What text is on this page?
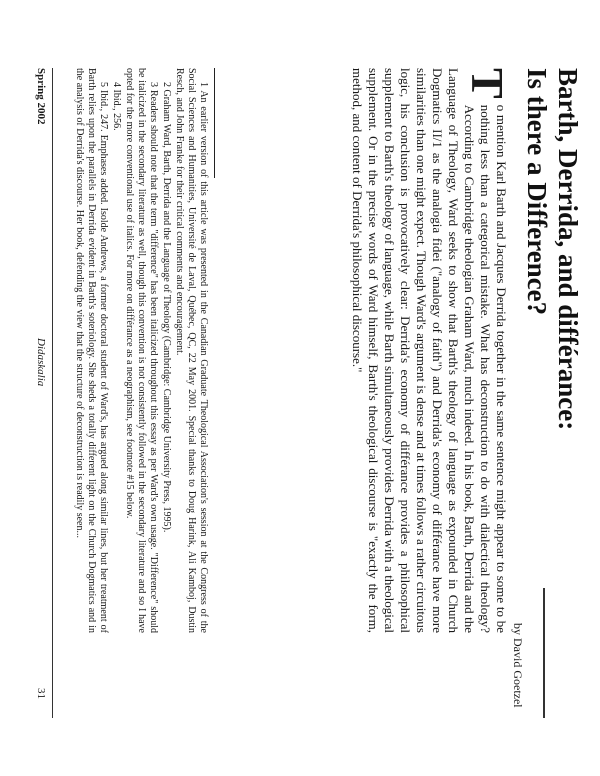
Barth, Derrida, and différance:
Is there a Difference?
by David Goetzel

T
o mention Karl Barth and Jacques Derrida together in the same sentence might appear to some to be nothing less than a categorical mistake. What has deconstruction to do with dialectical theology? According to Cambridge theologian Graham Ward, much indeed. In his book, Barth, Derrida and the Language of Theology, Ward seeks to show that Barth's theology of language as expounded in Church Dogmatics II/1 as the analogia fidei ("analogy of faith") and Derrida's economy of différance have more similarities than one might expect. Though Ward's argument is dense and at times follows a rather circuitous logic, his conclusion is provocatively clear: Derrida's economy of différance provides a philosophical supplement to Barth's theology of language, while Barth simultaneously provides Derrida with a theological supplement. Or in the precise words of Ward himself, Barth's theological discourse is "exactly the form, method, and content of Derrida's philosophical discourse."

1 An earlier version of this article was presented in the Canadian Graduate Theological Association's session at the Congress of the Social Sciences and Humanities, Université de Laval, Québec, QC, 22 May 2001. Special thanks to Doug Harink, Ali Kamboj, Dustin Resch, and John Franke for their critical comments and encouragement.

2 Graham Ward, Barth, Derrida and the Language of Theology (Cambridge: Cambridge University Press, 1995).

3 Readers should note that the term "difference" has been italicized throughout this essay as per Ward's own usage. "Difference" should be italicized in the secondary literature as well, though this convention is not consistently followed in the secondary literature and so I have opted for the more conventional use of italics. For more on différance as a neographism, see footnote #15 below.

4 Ibid., 256.

5 Ibid., 247. Emphases added. Isolde Andrews, a former doctoral student of Ward's, has argued along similar lines, but her treatment of Barth relies upon the parallels in Derrida evident in Barth's soteriology. She sheds a totally different light on the Church Dogmatics and in the analysis of Derrida's discourse. Her book, defending the view that the structure of deconstruction is readily seen...

Spring 2002
Didaskalia
31
